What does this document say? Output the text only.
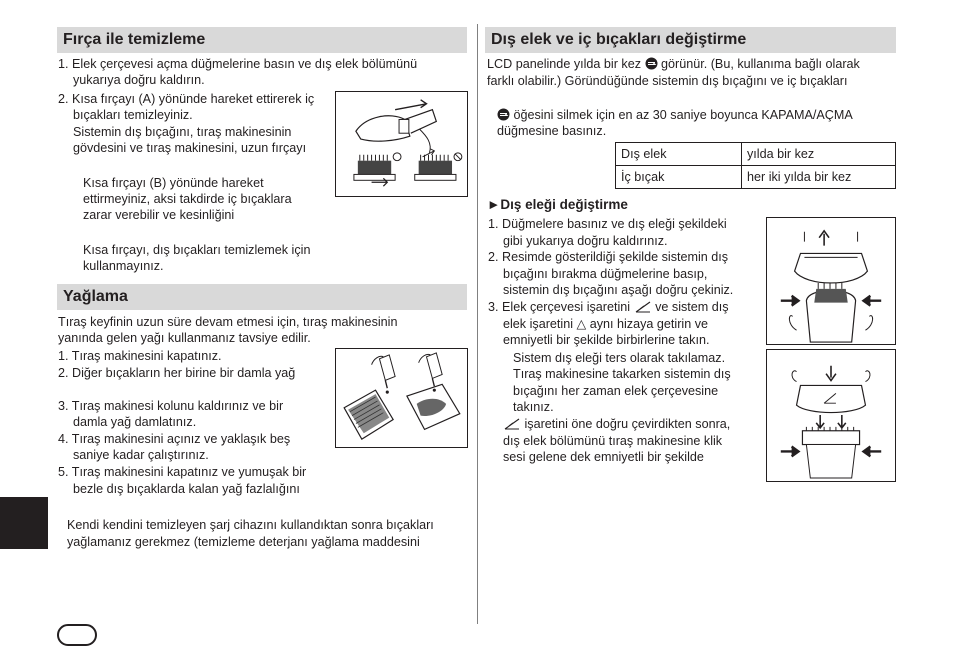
Fırça ile temizleme
1. Elek çerçevesi açma düğmelerine basın ve dış elek bölümünü
yukarıya doğru kaldırın.
2. Kısa fırçayı (A) yönünde hareket ettirerek iç
bıçakları temizleyiniz.
Sistemin dış bıçağını, tıraş makinesinin
gövdesini ve tıraş makinesini, uzun fırçayı
Kısa fırçayı (B) yönünde hareket
ettirmeyiniz, aksi takdirde iç bıçaklara
zarar verebilir ve kesinliğini
Kısa fırçayı, dış bıçakları temizlemek için
kullanmayınız.
Yağlama
Tıraş keyfinin uzun süre devam etmesi için, tıraş makinesinin
yanında gelen yağı kullanmanız tavsiye edilir.
1. Tıraş makinesini kapatınız.
2. Diğer bıçakların her birine bir damla yağ
3. Tıraş makinesi kolunu kaldırınız ve bir
damla yağ damlatınız.
4. Tıraş makinesini açınız ve yaklaşık beş
saniye kadar çalıştırınız.
5. Tıraş makinesini kapatınız ve yumuşak bir
bezle dış bıçaklarda kalan yağ fazlalığını
Kendi kendini temizleyen şarj cihazını kullandıktan sonra bıçakları
yağlamanız gerekmez (temizleme deterjanı yağlama maddesini
Dış elek ve iç bıçakları değiştirme
LCD panelinde yılda bir kez görünür. (Bu, kullanıma bağlı olarak
farklı olabilir.) Göründüğünde sistemin dış bıçağını ve iç bıçakları
öğesini silmek için en az 30 saniye boyunca KAPAMA/AÇMA
düğmesine basınız.
Dış elek	yılda bir kez
İç bıçak	her iki yılda bir kez
►Dış eleği değiştirme
1. Düğmelere basınız ve dış eleği şekildeki
gibi yukarıya doğru kaldırınız.
2. Resimde gösterildiği şekilde sistemin dış
bıçağını bırakma düğmelerine basıp,
sistemin dış bıçağını aşağı doğru çekiniz.
3. Elek çerçevesi işaretini ve sistem dış
elek işaretini △ aynı hizaya getirin ve
emniyetli bir şekilde birbirlerine takın.
Sistem dış eleği ters olarak takılamaz.
Tıraş makinesine takarken sistemin dış
bıçağını her zaman elek çerçevesine
takınız.
işaretini öne doğru çevirdikten sonra,
dış elek bölümünü tıraş makinesine klik
sesi gelene dek emniyetli bir şekilde
